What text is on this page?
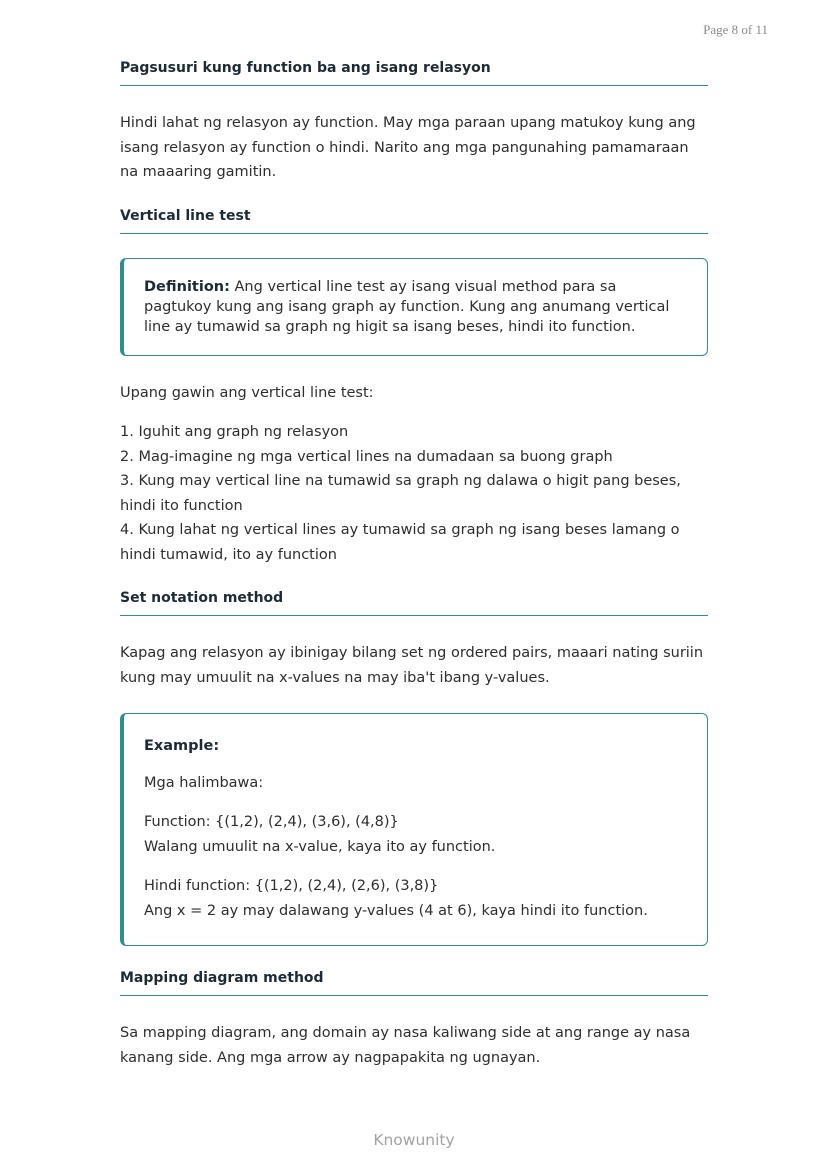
Page 8 of 11
Pagsusuri kung function ba ang isang relasyon

Hindi lahat ng relasyon ay function. May mga paraan upang matukoy kung ang isang relasyon ay function o hindi. Narito ang mga pangunahing pamamaraan na maaaring gamitin.

Vertical line test
Definition: Ang vertical line test ay isang visual method para sa pagtukoy kung ang isang graph ay function. Kung ang anumang vertical line ay tumawid sa graph ng higit sa isang beses, hindi ito function.

Upang gawin ang vertical line test:

1. Iguhit ang graph ng relasyon
2. Mag-imagine ng mga vertical lines na dumadaan sa buong graph
3. Kung may vertical line na tumawid sa graph ng dalawa o higit pang beses, hindi ito function
4. Kung lahat ng vertical lines ay tumawid sa graph ng isang beses lamang o hindi tumawid, ito ay function
Set notation method

Kapag ang relasyon ay ibinigay bilang set ng ordered pairs, maaari nating suriin kung may umuulit na x-values na may iba't ibang y-values.

Example:
Mga halimbawa:
Function: {(1,2), (2,4), (3,6), (4,8)}
Walang umuulit na x-value, kaya ito ay function.
Hindi function: {(1,2), (2,4), (2,6), (3,8)}
Ang x = 2 ay may dalawang y-values (4 at 6), kaya hindi ito function.
Mapping diagram method

Sa mapping diagram, ang domain ay nasa kaliwang side at ang range ay nasa kanang side. Ang mga arrow ay nagpapakita ng ugnayan.

Knowunity
